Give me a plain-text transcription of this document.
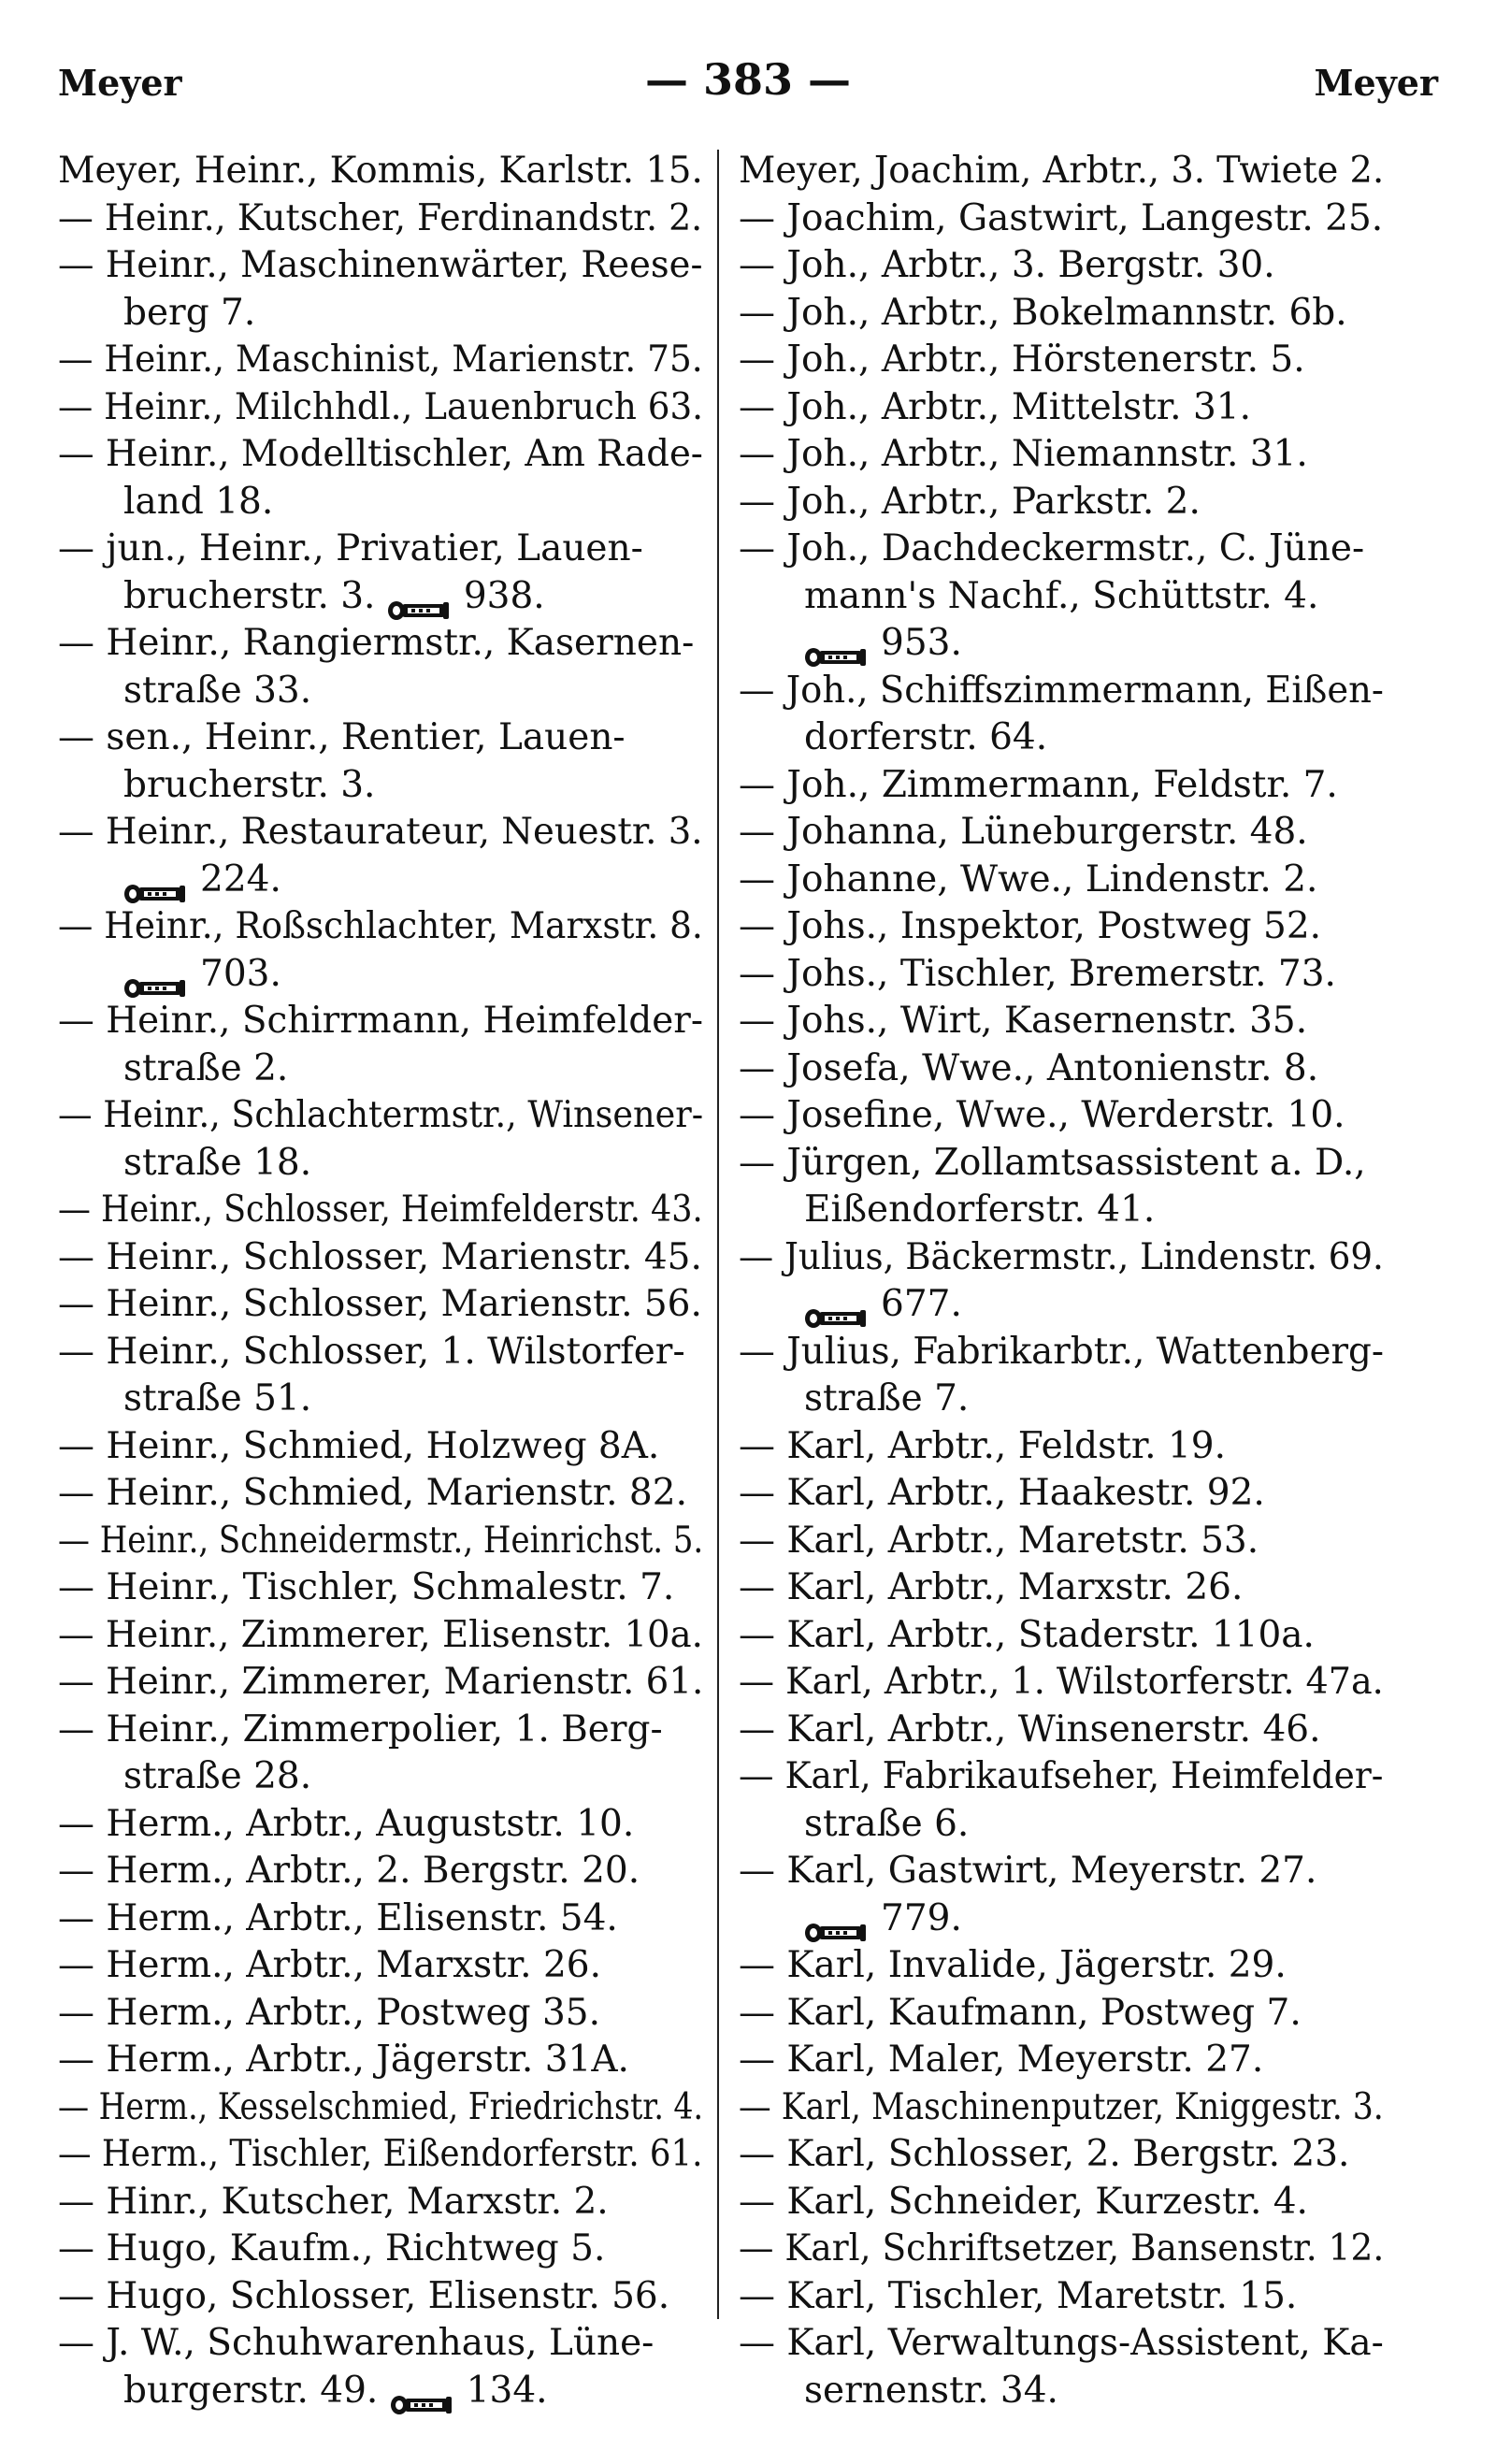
Meyer	— 383 —	Meyer
Meyer, Heinr., Kommis, Karlstr. 15.
— Heinr., Kutscher, Ferdinandstr. 2.
— Heinr., Maschinenwärter, Reese-
berg 7.
— Heinr., Maschinist, Marienstr. 75.
— Heinr., Milchhdl., Lauenbruch 63.
— Heinr., Modelltischler, Am Rade-
land 18.
— jun., Heinr., Privatier, Lauen-
brucherstr. 3. 938.
— Heinr., Rangiermstr., Kasernen-
straße 33.
— sen., Heinr., Rentier, Lauen-
brucherstr. 3.
— Heinr., Restaurateur, Neuestr. 3.
224.
— Heinr., Roßschlachter, Marxstr. 8.
703.
— Heinr., Schirrmann, Heimfelder-
straße 2.
— Heinr., Schlachtermstr., Winsener-
straße 18.
— Heinr., Schlosser, Heimfelderstr. 43.
— Heinr., Schlosser, Marienstr. 45.
— Heinr., Schlosser, Marienstr. 56.
— Heinr., Schlosser, 1. Wilstorfer-
straße 51.
— Heinr., Schmied, Holzweg 8A.
— Heinr., Schmied, Marienstr. 82.
— Heinr., Schneidermstr., Heinrichst. 5.
— Heinr., Tischler, Schmalestr. 7.
— Heinr., Zimmerer, Elisenstr. 10a.
— Heinr., Zimmerer, Marienstr. 61.
— Heinr., Zimmerpolier, 1. Berg-
straße 28.
— Herm., Arbtr., Auguststr. 10.
— Herm., Arbtr., 2. Bergstr. 20.
— Herm., Arbtr., Elisenstr. 54.
— Herm., Arbtr., Marxstr. 26.
— Herm., Arbtr., Postweg 35.
— Herm., Arbtr., Jägerstr. 31A.
— Herm., Kesselschmied, Friedrichstr. 4.
— Herm., Tischler, Eißendorferstr. 61.
— Hinr., Kutscher, Marxstr. 2.
— Hugo, Kaufm., Richtweg 5.
— Hugo, Schlosser, Elisenstr. 56.
— J. W., Schuhwarenhaus, Lüne-
burgerstr. 49. 134.
Meyer, Joachim, Arbtr., 3. Twiete 2.
— Joachim, Gastwirt, Langestr. 25.
— Joh., Arbtr., 3. Bergstr. 30.
— Joh., Arbtr., Bokelmannstr. 6b.
— Joh., Arbtr., Hörstenerstr. 5.
— Joh., Arbtr., Mittelstr. 31.
— Joh., Arbtr., Niemannstr. 31.
— Joh., Arbtr., Parkstr. 2.
— Joh., Dachdeckermstr., C. Jüne-
mann's Nachf., Schüttstr. 4.
953.
— Joh., Schiffszimmermann, Eißen-
dorferstr. 64.
— Joh., Zimmermann, Feldstr. 7.
— Johanna, Lüneburgerstr. 48.
— Johanne, Wwe., Lindenstr. 2.
— Johs., Inspektor, Postweg 52.
— Johs., Tischler, Bremerstr. 73.
— Johs., Wirt, Kasernenstr. 35.
— Josefa, Wwe., Antonienstr. 8.
— Josefine, Wwe., Werderstr. 10.
— Jürgen, Zollamtsassistent a. D.,
Eißendorferstr. 41.
— Julius, Bäckermstr., Lindenstr. 69.
677.
— Julius, Fabrikarbtr., Wattenberg-
straße 7.
— Karl, Arbtr., Feldstr. 19.
— Karl, Arbtr., Haakestr. 92.
— Karl, Arbtr., Maretstr. 53.
— Karl, Arbtr., Marxstr. 26.
— Karl, Arbtr., Staderstr. 110a.
— Karl, Arbtr., 1. Wilstorferstr. 47a.
— Karl, Arbtr., Winsenerstr. 46.
— Karl, Fabrikaufseher, Heimfelder-
straße 6.
— Karl, Gastwirt, Meyerstr. 27.
779.
— Karl, Invalide, Jägerstr. 29.
— Karl, Kaufmann, Postweg 7.
— Karl, Maler, Meyerstr. 27.
— Karl, Maschinenputzer, Kniggestr. 3.
— Karl, Schlosser, 2. Bergstr. 23.
— Karl, Schneider, Kurzestr. 4.
— Karl, Schriftsetzer, Bansenstr. 12.
— Karl, Tischler, Maretstr. 15.
— Karl, Verwaltungs-Assistent, Ka-
sernenstr. 34.
